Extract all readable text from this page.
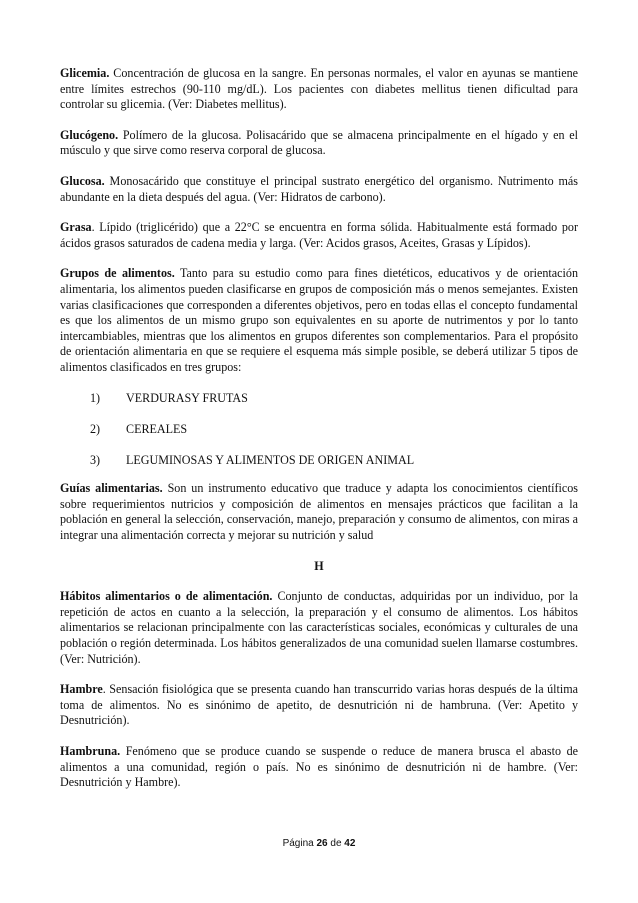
Glicemia. Concentración de glucosa en la sangre. En personas normales, el valor en ayunas se mantiene entre límites estrechos (90-110 mg/dL). Los pacientes con diabetes mellitus tienen dificultad para controlar su glicemia. (Ver: Diabetes mellitus).

Glucógeno. Polímero de la glucosa. Polisacárido que se almacena principalmente en el hígado y en el músculo y que sirve como reserva corporal de glucosa.

Glucosa. Monosacárido que constituye el principal sustrato energético del organismo. Nutrimento más abundante en la dieta después del agua. (Ver: Hidratos de carbono).

Grasa. Lípido (triglicérido) que a 22°C se encuentra en forma sólida. Habitualmente está formado por ácidos grasos saturados de cadena media y larga. (Ver: Acidos grasos, Aceites, Grasas y Lípidos).

Grupos de alimentos. Tanto para su estudio como para fines dietéticos, educativos y de orientación alimentaria, los alimentos pueden clasificarse en grupos de composición más o menos semejantes. Existen varias clasificaciones que corresponden a diferentes objetivos, pero en todas ellas el concepto fundamental es que los alimentos de un mismo grupo son equivalentes en su aporte de nutrimentos y por lo tanto intercambiables, mientras que los alimentos en grupos diferentes son complementarios. Para el propósito de orientación alimentaria en que se requiere el esquema más simple posible, se deberá utilizar 5 tipos de alimentos clasificados en tres grupos:

1)	VERDURASY FRUTAS
2)	CEREALES
3)	LEGUMINOSAS Y ALIMENTOS DE ORIGEN ANIMAL

Guías alimentarias. Son un instrumento educativo que traduce y adapta los conocimientos científicos sobre requerimientos nutricios y composición de alimentos en mensajes prácticos que facilitan a la población en general la selección, conservación, manejo, preparación y consumo de alimentos, con miras a integrar una alimentación correcta y mejorar su nutrición y salud

H

Hábitos alimentarios o de alimentación. Conjunto de conductas, adquiridas por un individuo, por la repetición de actos en cuanto a la selección, la preparación y el consumo de alimentos. Los hábitos alimentarios se relacionan principalmente con las características sociales, económicas y culturales de una población o región determinada. Los hábitos generalizados de una comunidad suelen llamarse costumbres. (Ver: Nutrición).

Hambre. Sensación fisiológica que se presenta cuando han transcurrido varias horas después de la última toma de alimentos. No es sinónimo de apetito, de desnutrición ni de hambruna. (Ver: Apetito y Desnutrición).

Hambruna. Fenómeno que se produce cuando se suspende o reduce de manera brusca el abasto de alimentos a una comunidad, región o país. No es sinónimo de desnutrición ni de hambre. (Ver: Desnutrición y Hambre).

Página 26 de 42
